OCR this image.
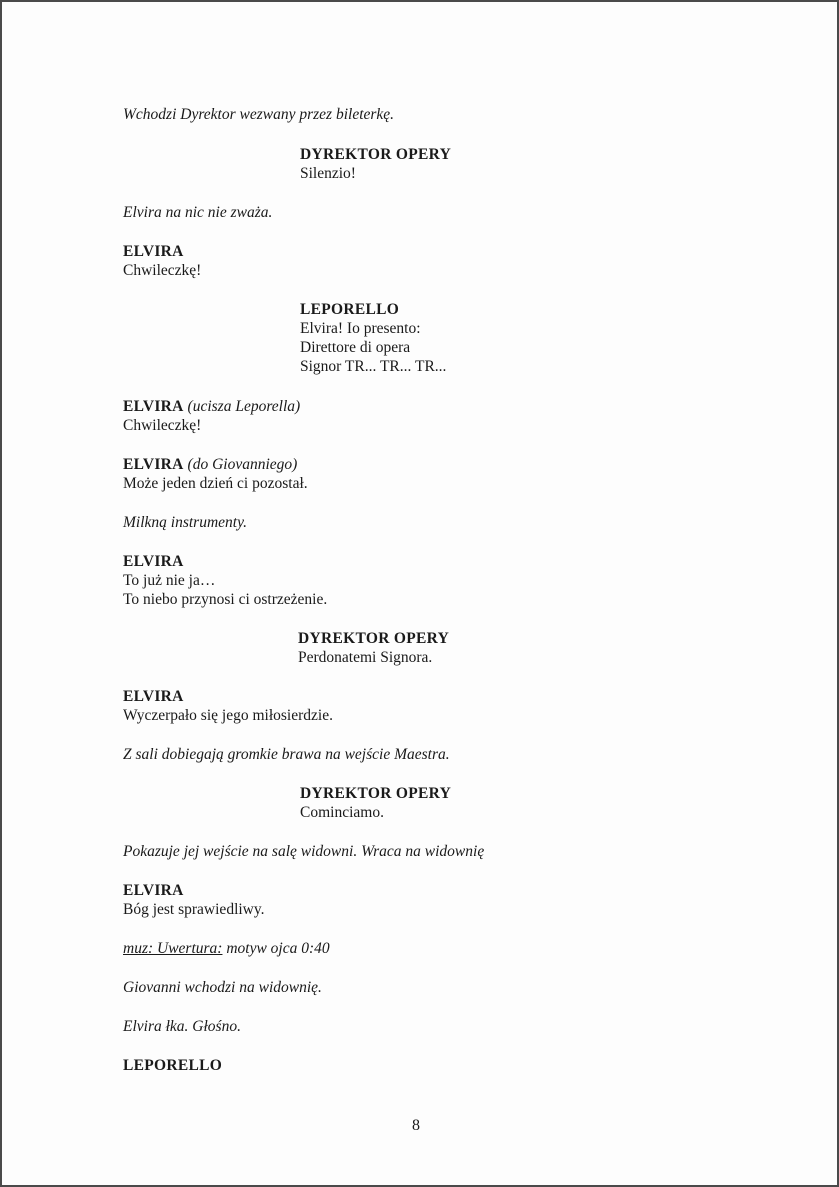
Wchodzi Dyrektor wezwany przez bileterkę.
DYREKTOR OPERY
Silenzio!
Elvira na nic nie zważa.
ELVIRA
Chwileczkę!
LEPORELLO
Elvira! Io presento:
Direttore di opera
Signor TR... TR... TR...
ELVIRA (ucisza Leporella)
Chwileczkę!
ELVIRA (do Giovanniego)
Może jeden dzień ci pozostał.
Milkną instrumenty.
ELVIRA
To już nie ja…
To niebo przynosi ci ostrzeżenie.
DYREKTOR OPERY
Perdonatemi Signora.
ELVIRA
Wyczerpało się jego miłosierdzie.
Z sali dobiegają gromkie brawa na wejście Maestra.
DYREKTOR OPERY
Cominciamo.
Pokazuje jej wejście na salę widowni. Wraca na widownię
ELVIRA
Bóg jest sprawiedliwy.
muz: Uwertura: motyw ojca 0:40
Giovanni wchodzi na widownię.
Elvira łka. Głośno.
LEPORELLO
8
